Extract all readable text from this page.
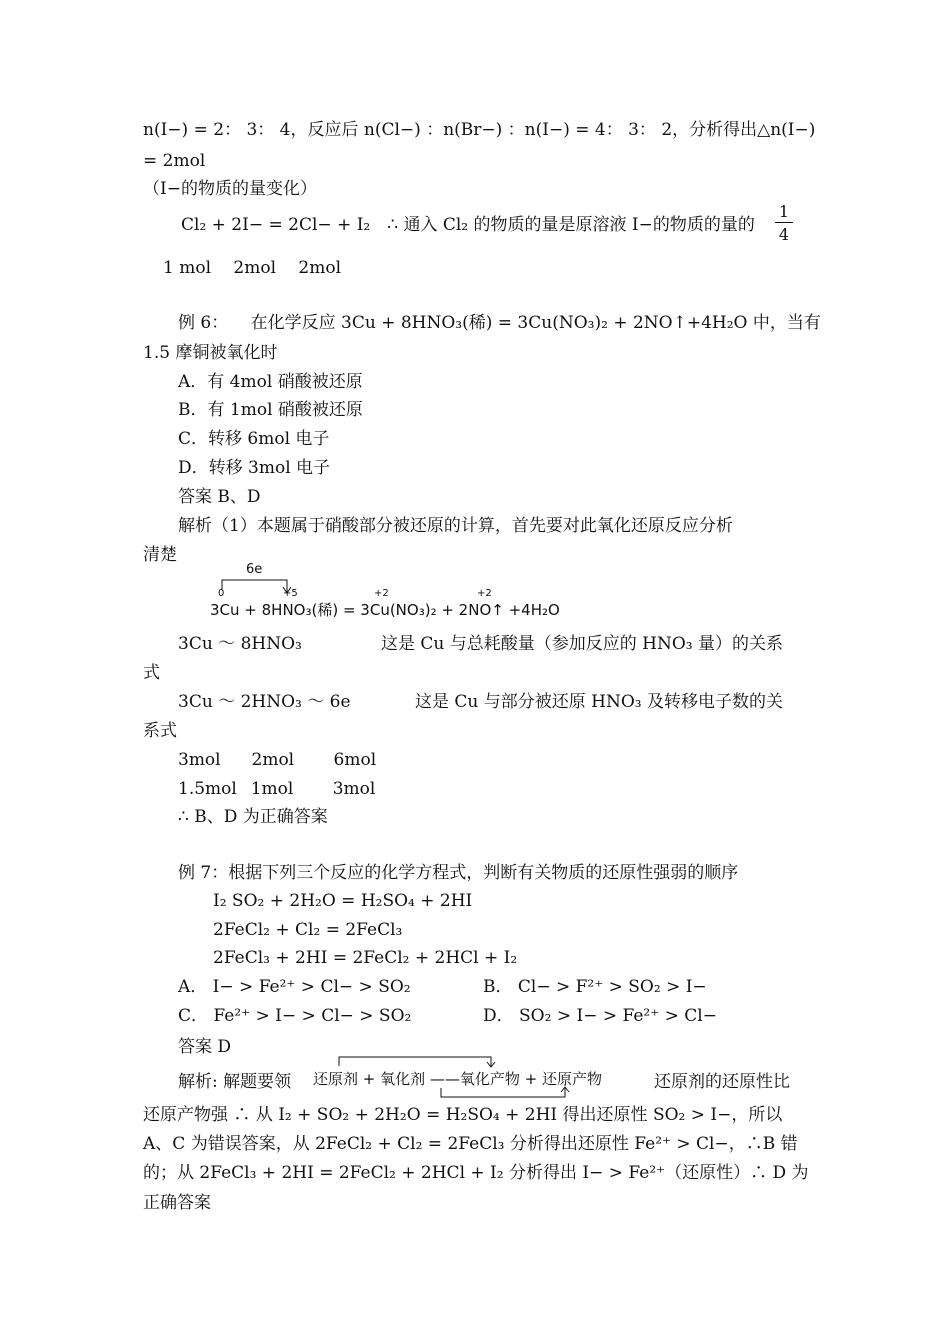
n(I−) = 2： 3： 4，反应后 n(Cl−) ：n(Br−) ：n(I−) = 4： 3： 2，分析得出△n(I−)
= 2mol
（I−的物质的量变化）
Cl₂ + 2I− = 2Cl− + I₂ ∴ 通入 Cl₂ 的物质的量是原溶液 I−的物质的量的
1
4
1 mol  2mol  2mol
例 6：  在化学反应 3Cu + 8HNO₃(稀) = 3Cu(NO₃)₂ + 2NO↑+4H₂O 中，当有
1.5 摩铜被氧化时
A．有 4mol 硝酸被还原
B．有 1mol 硝酸被还原
C．转移 6mol 电子
D．转移 3mol 电子
答案 B、D
解析（1）本题属于硝酸部分被还原的计算，首先要对此氧化还原反应分析
清楚
6e
0	+5	+2	+2
3Cu + 8HNO₃(稀) = 3Cu(NO₃)₂ + 2NO↑ +4H₂O
3Cu ～ 8HNO₃	这是 Cu 与总耗酸量（参加反应的 HNO₃ 量）的关系
式
3Cu ～ 2HNO₃ ～ 6e	这是 Cu 与部分被还原 HNO₃ 及转移电子数的关
系式
3mol   2mol   6mol
1.5mol  1mol   3mol
∴ B、D 为正确答案
例 7：根据下列三个反应的化学方程式，判断有关物质的还原性强弱的顺序
I₂ SO₂ + 2H₂O = H₂SO₄ + 2HI
2FeCl₂ + Cl₂ = 2FeCl₃
2FeCl₃ + 2HI = 2FeCl₂ + 2HCl + I₂
A． I− > Fe²⁺ > Cl− > SO₂	B． Cl− > F²⁺ > SO₂ > I−
C． Fe²⁺ > I− > Cl− > SO₂	D． SO₂ > I− > Fe²⁺ > Cl−
答案 D
解析: 解题要领 还原剂 + 氧化剂 ——氧化产物 + 还原产物	还原剂的还原性比
还原产物强 ∴ 从 I₂ + SO₂ + 2H₂O = H₂SO₄ + 2HI 得出还原性 SO₂ > I−，所以
A、C 为错误答案，从 2FeCl₂ + Cl₂ = 2FeCl₃ 分析得出还原性 Fe²⁺ > Cl−，∴B 错
的；从 2FeCl₃ + 2HI = 2FeCl₂ + 2HCl + I₂ 分析得出 I− > Fe²⁺（还原性）∴ D 为
正确答案
